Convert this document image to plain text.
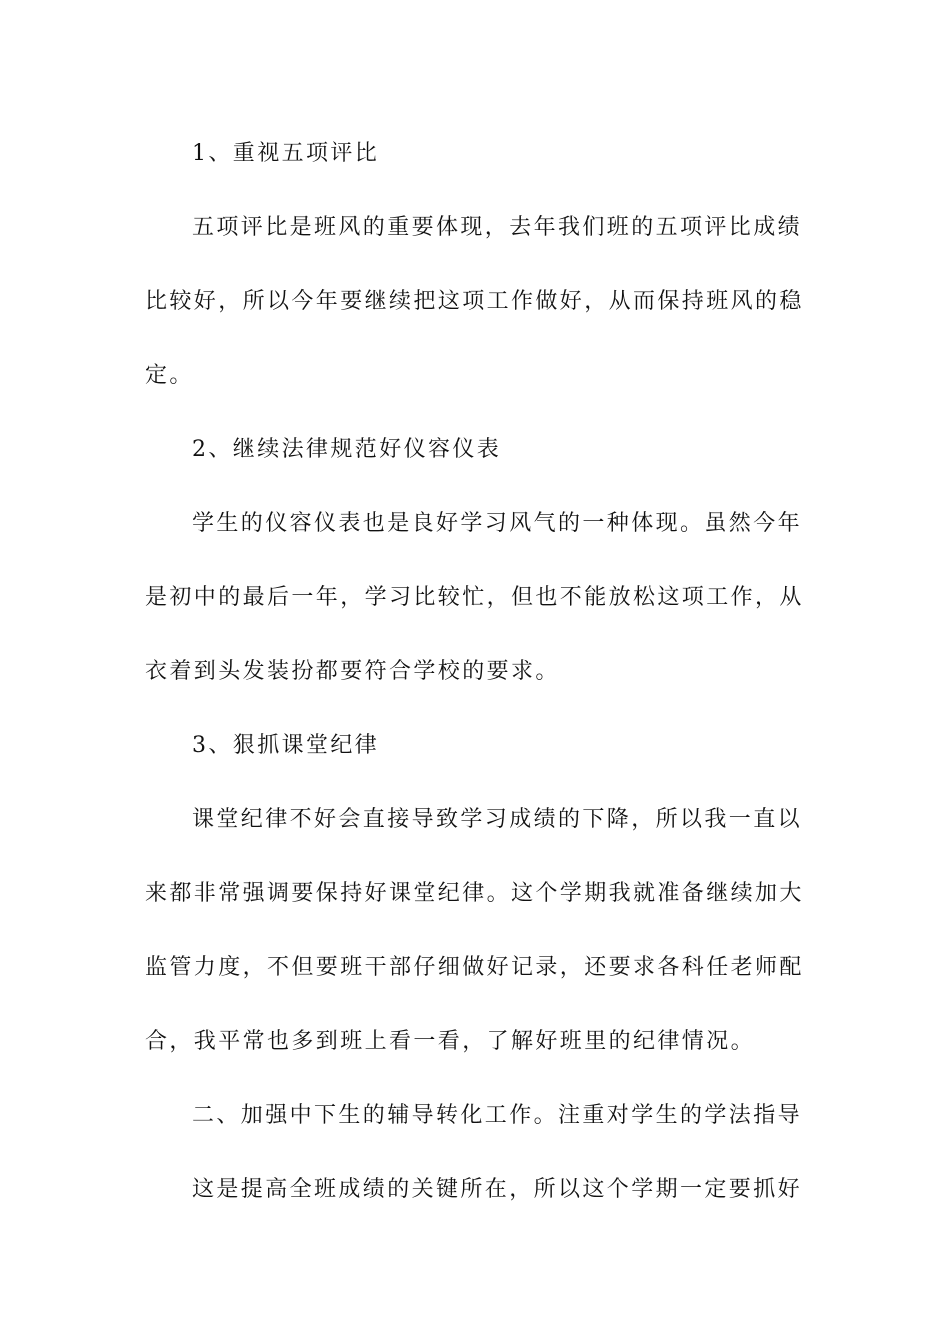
1、重视五项评比

五项评比是班风的重要体现，去年我们班的五项评比成绩

比较好，所以今年要继续把这项工作做好，从而保持班风的稳

定。

2、继续法律规范好仪容仪表

学生的仪容仪表也是良好学习风气的一种体现。虽然今年

是初中的最后一年，学习比较忙，但也不能放松这项工作，从

衣着到头发装扮都要符合学校的要求。

3、狠抓课堂纪律

课堂纪律不好会直接导致学习成绩的下降，所以我一直以

来都非常强调要保持好课堂纪律。这个学期我就准备继续加大

监管力度，不但要班干部仔细做好记录，还要求各科任老师配

合，我平常也多到班上看一看，了解好班里的纪律情况。

二、加强中下生的辅导转化工作。注重对学生的学法指导

这是提高全班成绩的关键所在，所以这个学期一定要抓好
